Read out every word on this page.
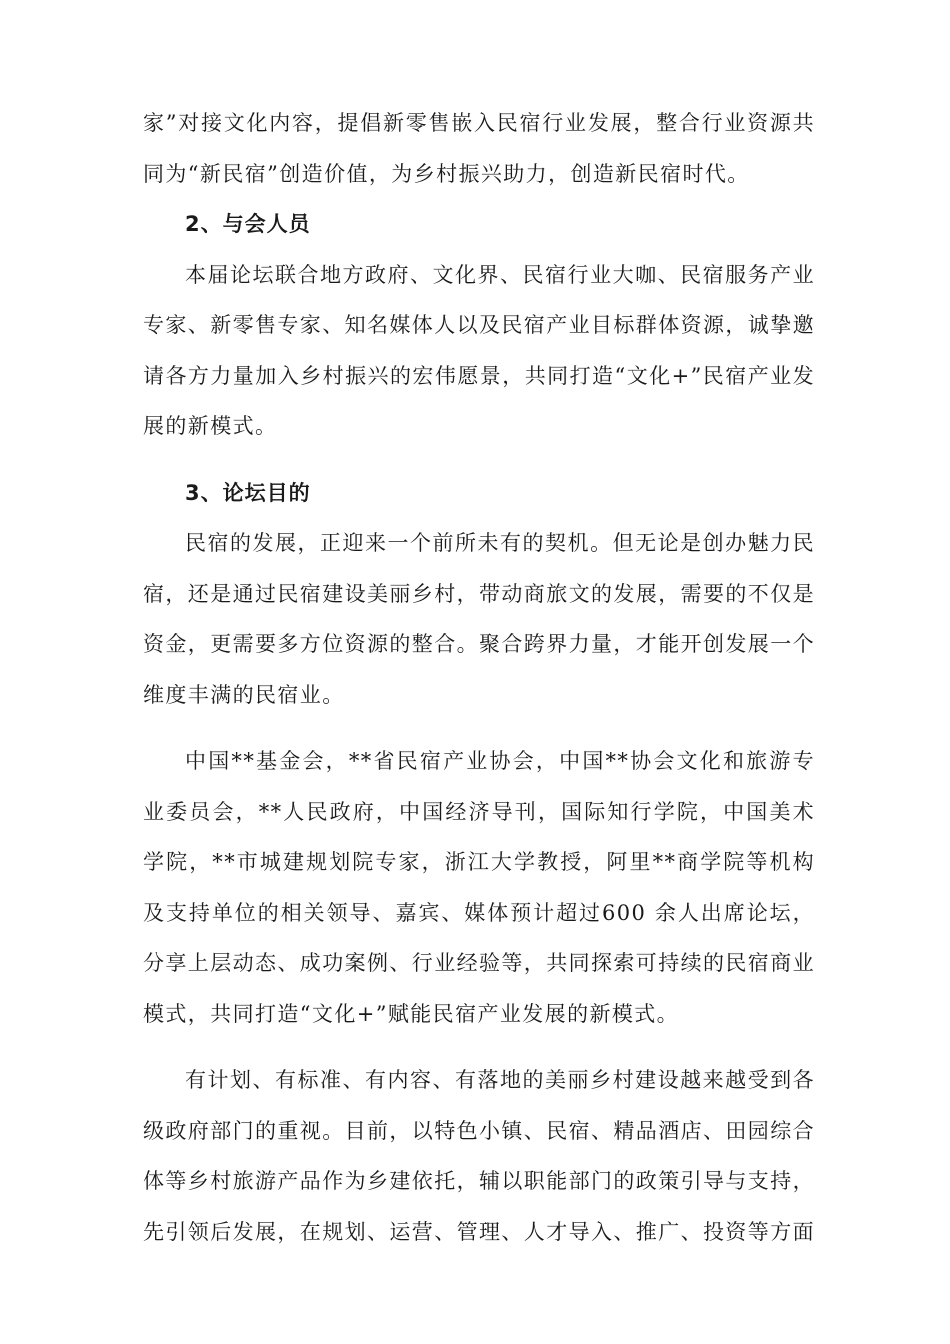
家”对接文化内容，提倡新零售嵌入民宿行业发展，整合行业资源共同为“新民宿”创造价值，为乡村振兴助力，创造新民宿时代。

2、与会人员

本届论坛联合地方政府、文化界、民宿行业大咖、民宿服务产业专家、新零售专家、知名媒体人以及民宿产业目标群体资源，诚挚邀请各方力量加入乡村振兴的宏伟愿景，共同打造“文化+”民宿产业发展的新模式。

3、论坛目的

民宿的发展，正迎来一个前所未有的契机。但无论是创办魅力民宿，还是通过民宿建设美丽乡村，带动商旅文的发展，需要的不仅是资金，更需要多方位资源的整合。聚合跨界力量，才能开创发展一个维度丰满的民宿业。

中国**基金会，**省民宿产业协会，中国**协会文化和旅游专业委员会，**人民政府，中国经济导刊，国际知行学院，中国美术学院，**市城建规划院专家，浙江大学教授，阿里**商学院等机构及支持单位的相关领导、嘉宾、媒体预计超过600 余人出席论坛，分享上层动态、成功案例、行业经验等，共同探索可持续的民宿商业模式，共同打造“文化+”赋能民宿产业发展的新模式。

有计划、有标准、有内容、有落地的美丽乡村建设越来越受到各级政府部门的重视。目前，以特色小镇、民宿、精品酒店、田园综合体等乡村旅游产品作为乡建依托，辅以职能部门的政策引导与支持，先引领后发展，在规划、运营、管理、人才导入、推广、投资等方面
